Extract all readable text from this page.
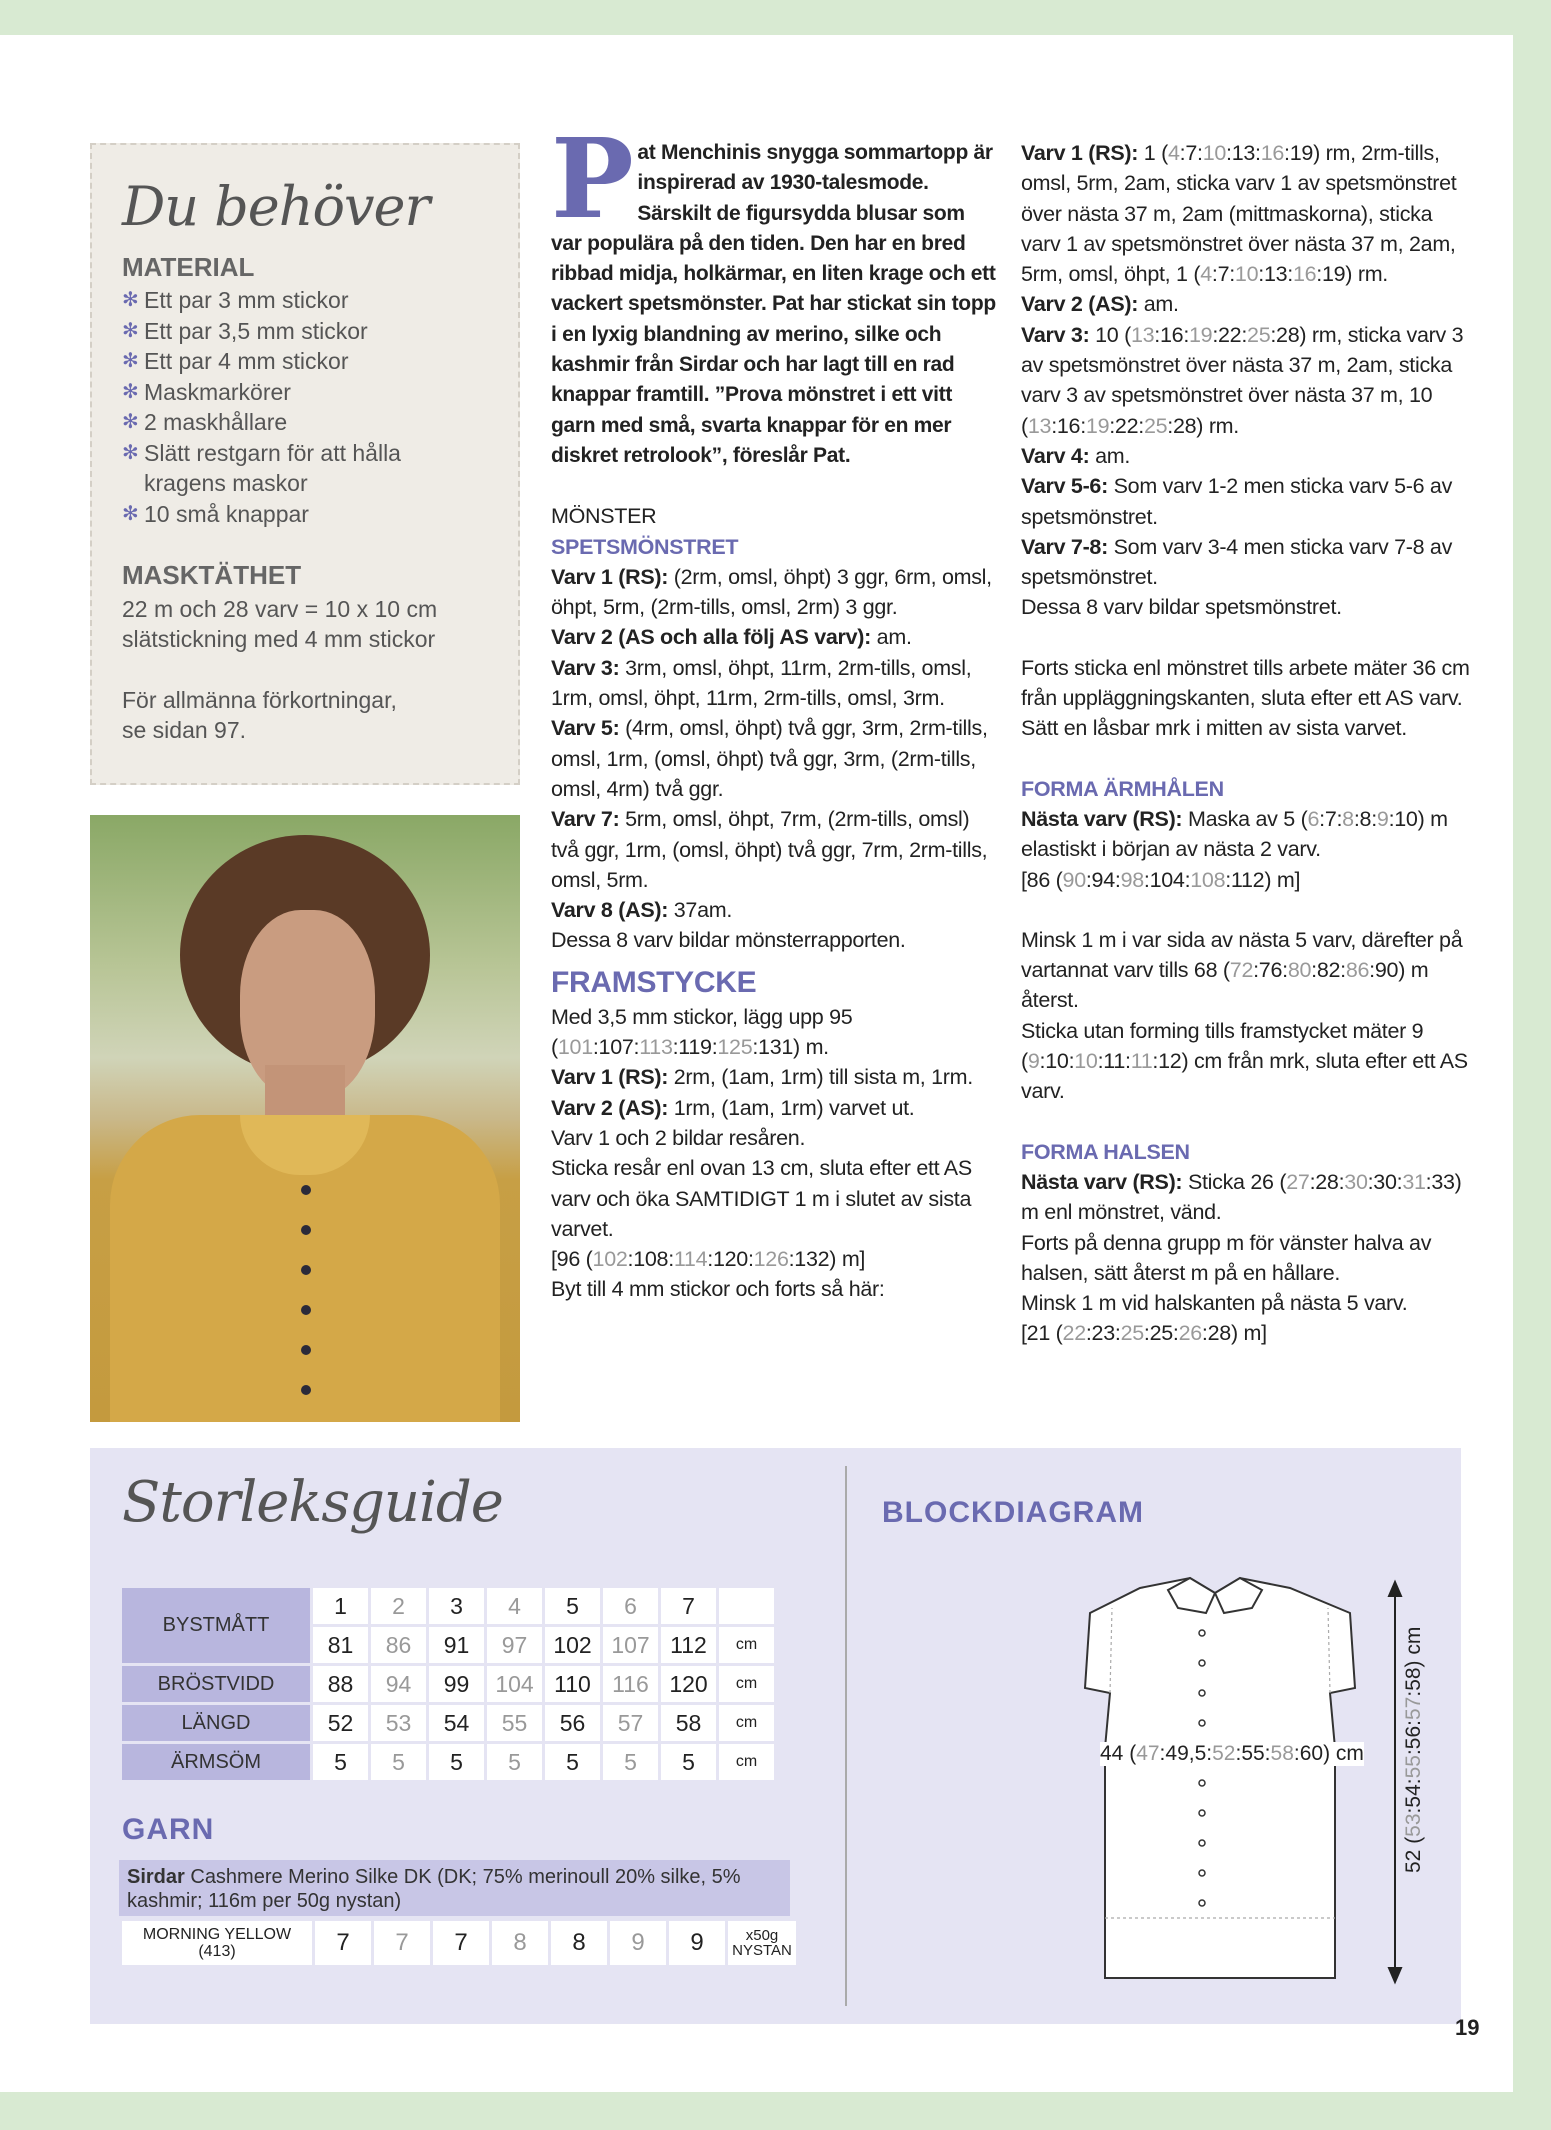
Du behöver
MATERIAL
✻ Ett par 3 mm stickor
✻ Ett par 3,5 mm stickor
✻ Ett par 4 mm stickor
✻ Maskmarkörer
✻ 2 maskhållare
✻ Slätt restgarn för att hålla
kragens maskor
✻ 10 små knappar
MASKTÄTHET
22 m och 28 varv = 10 x 10 cm
slätstickning med 4 mm stickor
För allmänna förkortningar,
se sidan 97.
Pat Menchinis snygga sommartopp är inspirerad av 1930-talesmode. Särskilt de figursydda blusar som var populära på den tiden. Den har en bred ribbad midja, holkärmar, en liten krage och ett vackert spetsmönster. Pat har stickat sin topp i en lyxig blandning av merino, silke och kashmir från Sirdar och har lagt till en rad knappar framtill. ”Prova mönstret i ett vitt garn med små, svarta knappar för en mer diskret retrolook”, föreslår Pat.
MÖNSTER
SPETSMÖNSTRET
Varv 1 (RS): (2rm, omsl, öhpt) 3 ggr, 6rm, omsl, öhpt, 5rm, (2rm-tills, omsl, 2rm) 3 ggr.
Varv 2 (AS och alla följ AS varv): am.
Varv 3: 3rm, omsl, öhpt, 11rm, 2rm-tills, omsl, 1rm, omsl, öhpt, 11rm, 2rm-tills, omsl, 3rm.
Varv 5: (4rm, omsl, öhpt) två ggr, 3rm, 2rm-tills, omsl, 1rm, (omsl, öhpt) två ggr, 3rm, (2rm-tills, omsl, 4rm) två ggr.
Varv 7: 5rm, omsl, öhpt, 7rm, (2rm-tills, omsl) två ggr, 1rm, (omsl, öhpt) två ggr, 7rm, 2rm-tills, omsl, 5rm.
Varv 8 (AS): 37am.
Dessa 8 varv bildar mönsterrapporten.
FRAMSTYCKE
Med 3,5 mm stickor, lägg upp 95 (101:107:113:119:125:131) m.
Varv 1 (RS): 2rm, (1am, 1rm) till sista m, 1rm.
Varv 2 (AS): 1rm, (1am, 1rm) varvet ut.
Varv 1 och 2 bildar resåren.
Sticka resår enl ovan 13 cm, sluta efter ett AS varv och öka SAMTIDIGT 1 m i slutet av sista varvet.
[96 (102:108:114:120:126:132) m]
Byt till 4 mm stickor och forts så här:
Varv 1 (RS): 1 (4:7:10:13:16:19) rm, 2rm-tills, omsl, 5rm, 2am, sticka varv 1 av spetsmönstret över nästa 37 m, 2am (mittmaskorna), sticka varv 1 av spetsmönstret över nästa 37 m, 2am, 5rm, omsl, öhpt, 1 (4:7:10:13:16:19) rm.
Varv 2 (AS): am.
Varv 3: 10 (13:16:19:22:25:28) rm, sticka varv 3 av spetsmönstret över nästa 37 m, 2am, sticka varv 3 av spetsmönstret över nästa 37 m, 10 (13:16:19:22:25:28) rm.
Varv 4: am.
Varv 5-6: Som varv 1-2 men sticka varv 5-6 av spetsmönstret.
Varv 7-8: Som varv 3-4 men sticka varv 7-8 av spetsmönstret.
Dessa 8 varv bildar spetsmönstret.
Forts sticka enl mönstret tills arbete mäter 36 cm från uppläggningskanten, sluta efter ett AS varv.
Sätt en låsbar mrk i mitten av sista varvet.
FORMA ÄRMHÅLEN
Nästa varv (RS): Maska av 5 (6:7:8:8:9:10) m elastiskt i början av nästa 2 varv.
[86 (90:94:98:104:108:112) m]
Minsk 1 m i var sida av nästa 5 varv, därefter på vartannat varv tills 68 (72:76:80:82:86:90) m återst.
Sticka utan forming tills framstycket mäter 9 (9:10:10:11:11:12) cm från mrk, sluta efter ett AS varv.
FORMA HALSEN
Nästa varv (RS): Sticka 26 (27:28:30:30:31:33) m enl mönstret, vänd.
Forts på denna grupp m för vänster halva av halsen, sätt återst m på en hållare.
Minsk 1 m vid halskanten på nästa 5 varv.
[21 (22:23:25:25:26:28) m]
Storleksguide	BLOCKDIAGRAM
BYSTMÅTT	1	2	3	4	5	6	7	
	81	86	91	97	102	107	112	cm
BRÖSTVIDD	88	94	99	104	110	116	120	cm
LÄNGD	52	53	54	55	56	57	58	cm
ÄRMSÖM	5	5	5	5	5	5	5	cm
GARN
Sirdar Cashmere Merino Silke DK (DK; 75% merinoull 20% silke, 5% kashmir; 116m per 50g nystan)
MORNING YELLOW
(413)	7	7	7	8	8	9	9	x50g
NYSTAN
44 (47:49,5:52:55:58:60) cm
52 (53:54:55:56:57:58) cm
19
